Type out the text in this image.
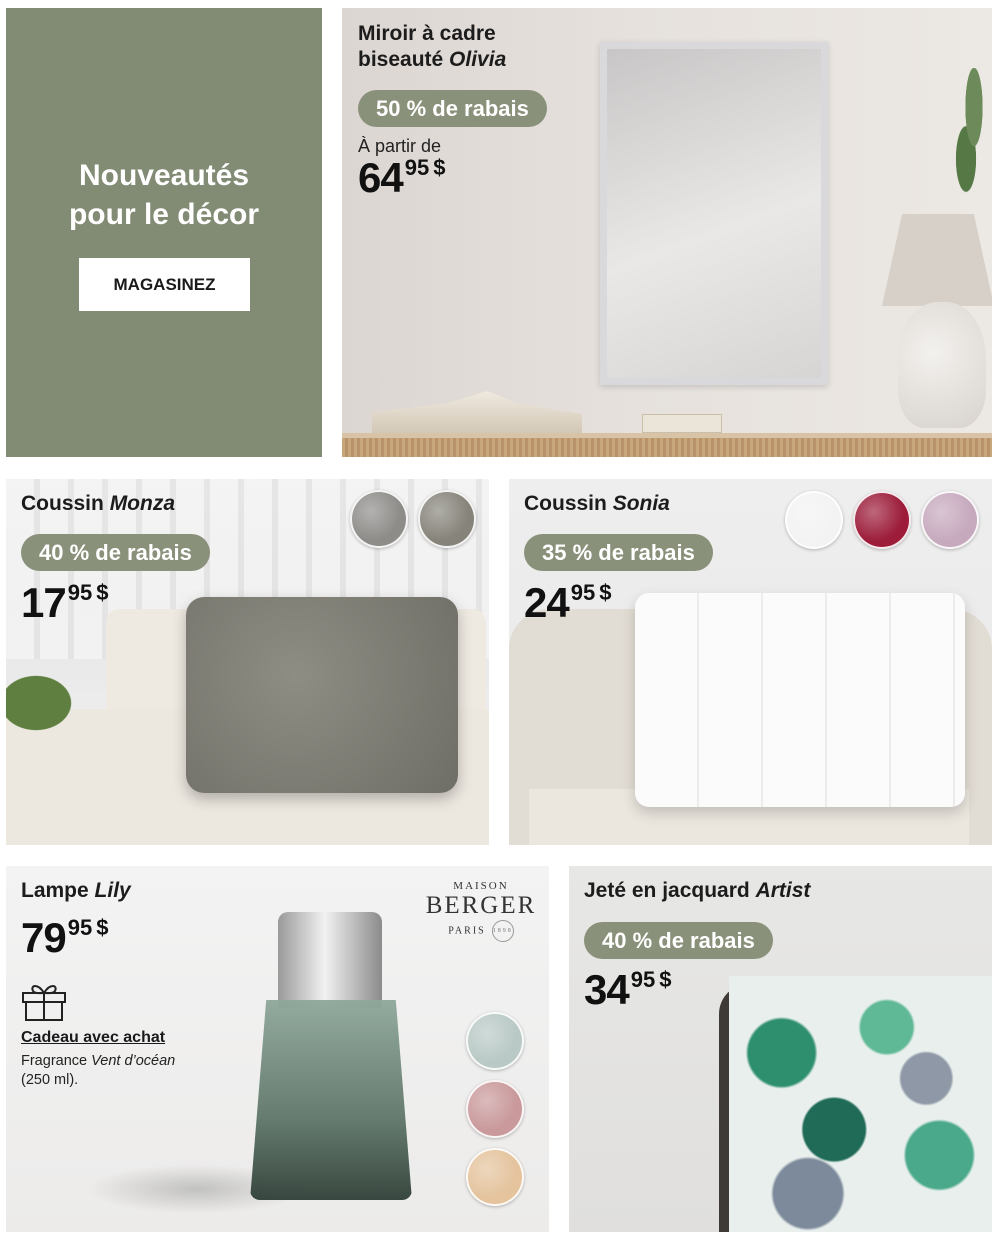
Nouveautés
pour le décor
MAGASINEZ
Miroir à cadre
biseauté Olivia
50 % de rabais
À partir de
6495 $
Coussin Monza
40 % de rabais
1795 $
Coussin Sonia
35 % de rabais
2495 $
MAISON
BERGER
PARIS 1898
Lampe Lily
7995 $
Cadeau avec achat
Fragrance Vent d’océan
(250 ml).
Jeté en jacquard Artist
40 % de rabais
3495 $
